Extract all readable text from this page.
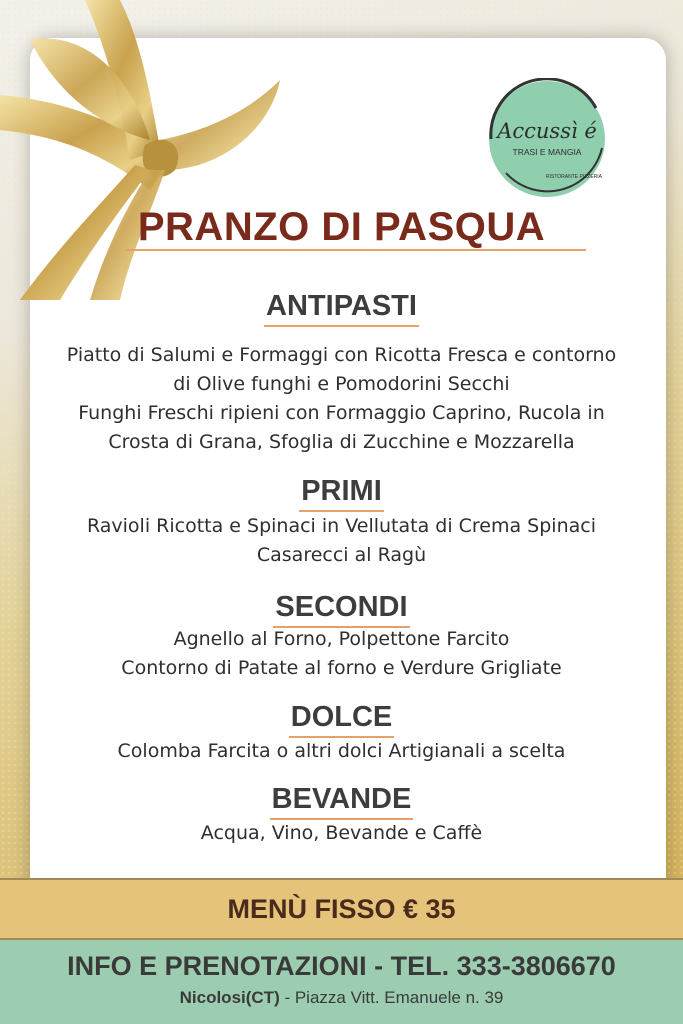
Accussì é
TRASI E MANGIA
RISTORANTE PIZZERIA
PRANZO DI PASQUA
ANTIPASTI
Piatto di Salumi e Formaggi con Ricotta Fresca e contorno
di Olive funghi e Pomodorini Secchi
Funghi Freschi ripieni con Formaggio Caprino, Rucola in
Crosta di Grana, Sfoglia di Zucchine e Mozzarella
PRIMI
Ravioli Ricotta e Spinaci in Vellutata di Crema Spinaci
Casarecci al Ragù
SECONDI
Agnello al Forno, Polpettone Farcito
Contorno di Patate al forno e Verdure Grigliate
DOLCE
Colomba Farcita o altri dolci Artigianali a scelta
BEVANDE
Acqua, Vino, Bevande e Caffè
MENÙ FISSO € 35
INFO E PRENOTAZIONI - TEL. 333-3806670
Nicolosi(CT) - Piazza Vitt. Emanuele n. 39
